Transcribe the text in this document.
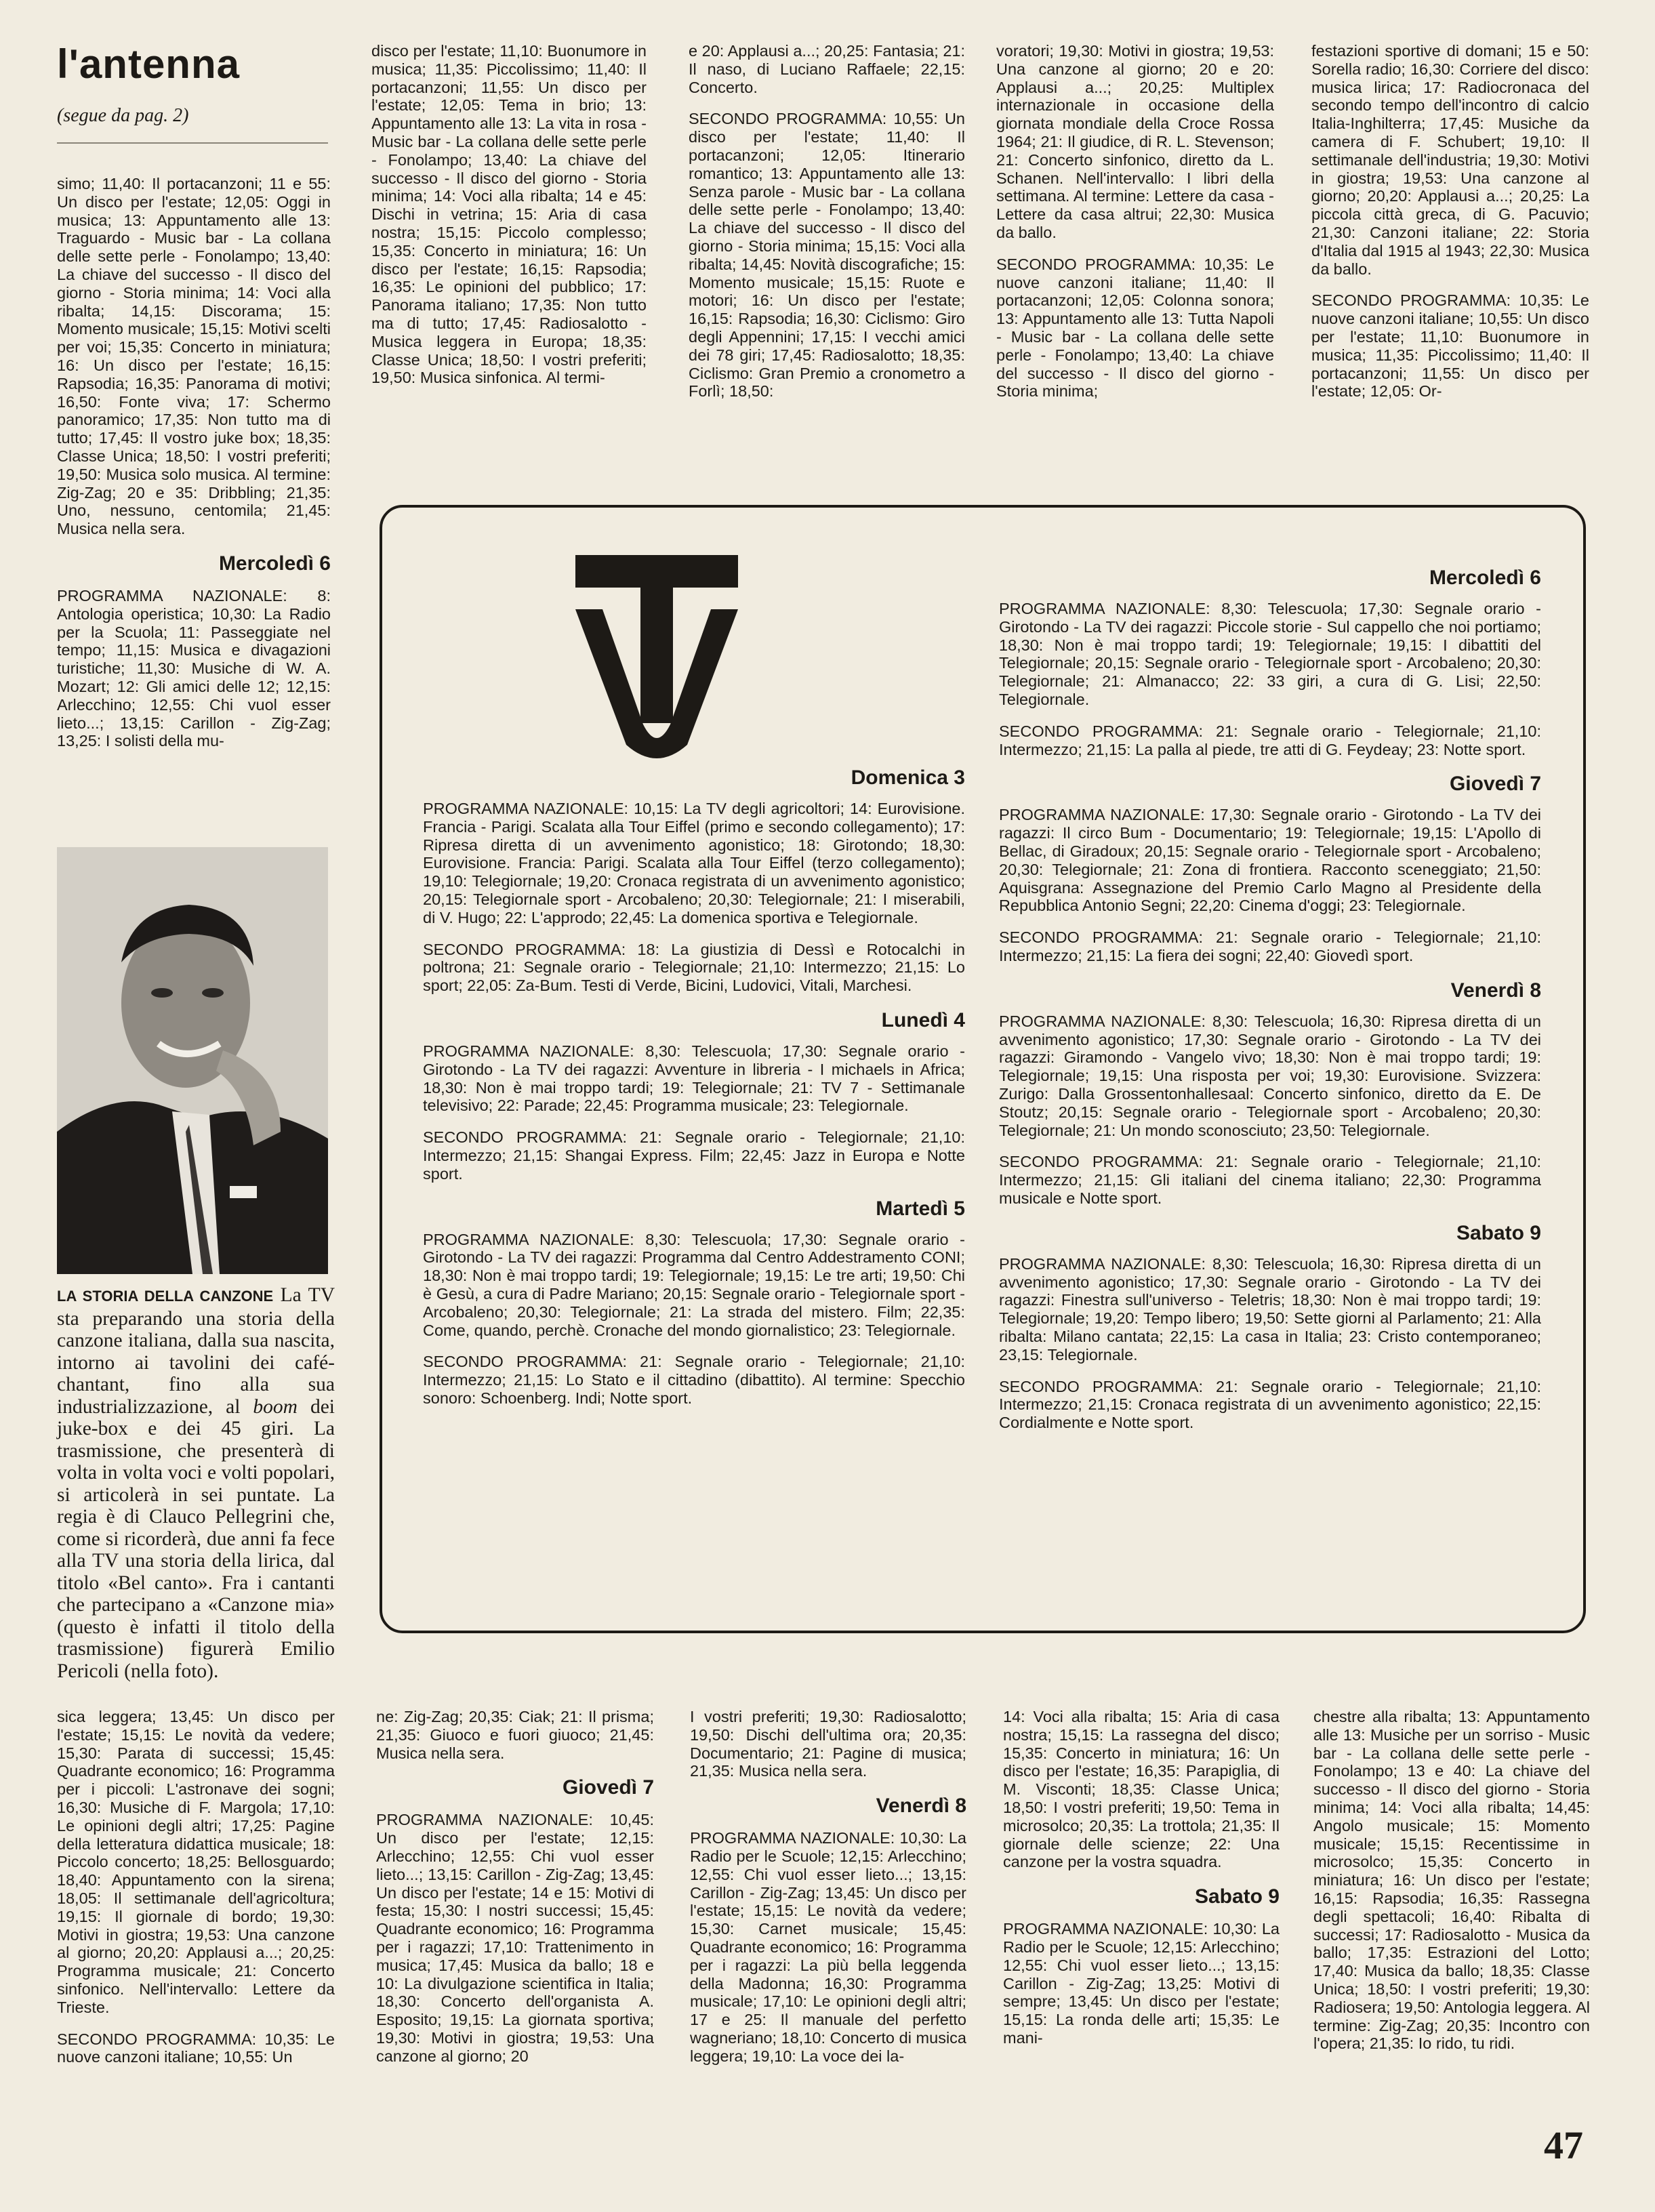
l'antenna
(segue da pag. 2)

simo; 11,40: Il portacanzoni; 11 e 55: Un disco per l'estate; 12,05: Oggi in musica; 13: Appuntamento alle 13: Traguardo - Music bar - La collana delle sette perle - Fonolampo; 13,40: La chiave del successo - Il disco del giorno - Storia minima; 14: Voci alla ribalta; 14,15: Discorama; 15: Momento musicale; 15,15: Motivi scelti per voi; 15,35: Concerto in miniatura; 16: Un disco per l'estate; 16,15: Rapsodia; 16,35: Panorama di motivi; 16,50: Fonte viva; 17: Schermo panoramico; 17,35: Non tutto ma di tutto; 17,45: Il vostro juke box; 18,35: Classe Unica; 18,50: I vostri preferiti; 19,50: Musica solo musica. Al termine: Zig-Zag; 20 e 35: Dribbling; 21,35: Uno, nessuno, centomila; 21,45: Musica nella sera.

Mercoledì 6

PROGRAMMA NAZIONALE: 8: Antologia operistica; 10,30: La Radio per la Scuola; 11: Passeggiate nel tempo; 11,15: Musica e divagazioni turistiche; 11,30: Musiche di W. A. Mozart; 12: Gli amici delle 12; 12,15: Arlecchino; 12,55: Chi vuol esser lieto...; 13,15: Carillon - Zig-Zag; 13,25: I solisti della mu-

LA STORIA DELLA CANZONE La TV sta preparando una storia della canzone italiana, dalla sua nascita, intorno ai tavolini dei café-chantant, fino alla sua industrializzazione, al boom dei juke-box e dei 45 giri. La trasmissione, che presenterà di volta in volta voci e volti popolari, si articolerà in sei puntate. La regia è di Clauco Pellegrini che, come si ricorderà, due anni fa fece alla TV una storia della lirica, dal titolo «Bel canto». Fra i cantanti che partecipano a «Canzone mia» (questo è infatti il titolo della trasmissione) figurerà Emilio Pericoli (nella foto).

disco per l'estate; 11,10: Buonumore in musica; 11,35: Piccolissimo; 11,40: Il portacanzoni; 11,55: Un disco per l'estate; 12,05: Tema in brio; 13: Appuntamento alle 13: La vita in rosa - Music bar - La collana delle sette perle - Fonolampo; 13,40: La chiave del successo - Il disco del giorno - Storia minima; 14: Voci alla ribalta; 14 e 45: Dischi in vetrina; 15: Aria di casa nostra; 15,15: Piccolo complesso; 15,35: Concerto in miniatura; 16: Un disco per l'estate; 16,15: Rapsodia; 16,35: Le opinioni del pubblico; 17: Panorama italiano; 17,35: Non tutto ma di tutto; 17,45: Radiosalotto - Musica leggera in Europa; 18,35: Classe Unica; 18,50: I vostri preferiti; 19,50: Musica sinfonica. Al termi-

e 20: Applausi a...; 20,25: Fantasia; 21: Il naso, di Luciano Raffaele; 22,15: Concerto.

SECONDO PROGRAMMA: 10,55: Un disco per l'estate; 11,40: Il portacanzoni; 12,05: Itinerario romantico; 13: Appuntamento alle 13: Senza parole - Music bar - La collana delle sette perle - Fonolampo; 13,40: La chiave del successo - Il disco del giorno - Storia minima; 15,15: Voci alla ribalta; 14,45: Novità discografiche; 15: Momento musicale; 15,15: Ruote e motori; 16: Un disco per l'estate; 16,15: Rapsodia; 16,30: Ciclismo: Giro degli Appennini; 17,15: I vecchi amici dei 78 giri; 17,45: Radiosalotto; 18,35: Ciclismo: Gran Premio a cronometro a Forlì; 18,50:

voratori; 19,30: Motivi in giostra; 19,53: Una canzone al giorno; 20 e 20: Applausi a...; 20,25: Multiplex internazionale in occasione della giornata mondiale della Croce Rossa 1964; 21: Il giudice, di R. L. Stevenson; 21: Concerto sinfonico, diretto da L. Schanen. Nell'intervallo: I libri della settimana. Al termine: Lettere da casa - Lettere da casa altrui; 22,30: Musica da ballo.

SECONDO PROGRAMMA: 10,35: Le nuove canzoni italiane; 11,40: Il portacanzoni; 12,05: Colonna sonora; 13: Appuntamento alle 13: Tutta Napoli - Music bar - La collana delle sette perle - Fonolampo; 13,40: La chiave del successo - Il disco del giorno - Storia minima;

festazioni sportive di domani; 15 e 50: Sorella radio; 16,30: Corriere del disco: musica lirica; 17: Radiocronaca del secondo tempo dell'incontro di calcio Italia-Inghilterra; 17,45: Musiche da camera di F. Schubert; 19,10: Il settimanale dell'industria; 19,30: Motivi in giostra; 19,53: Una canzone al giorno; 20,20: Applausi a...; 20,25: La piccola città greca, di G. Pacuvio; 21,30: Canzoni italiane; 22: Storia d'Italia dal 1915 al 1943; 22,30: Musica da ballo.

SECONDO PROGRAMMA: 10,35: Le nuove canzoni italiane; 10,55: Un disco per l'estate; 11,10: Buonumore in musica; 11,35: Piccolissimo; 11,40: Il portacanzoni; 11,55: Un disco per l'estate; 12,05: Or-

Domenica 3

PROGRAMMA NAZIONALE: 10,15: La TV degli agricoltori; 14: Eurovisione. Francia - Parigi. Scalata alla Tour Eiffel (primo e secondo collegamento); 17: Ripresa diretta di un avvenimento agonistico; 18: Girotondo; 18,30: Eurovisione. Francia: Parigi. Scalata alla Tour Eiffel (terzo collegamento); 19,10: Telegiornale; 19,20: Cronaca registrata di un avvenimento agonistico; 20,15: Telegiornale sport - Arcobaleno; 20,30: Telegiornale; 21: I miserabili, di V. Hugo; 22: L'approdo; 22,45: La domenica sportiva e Telegiornale.

SECONDO PROGRAMMA: 18: La giustizia di Dessì e Rotocalchi in poltrona; 21: Segnale orario - Telegiornale; 21,10: Intermezzo; 21,15: Lo sport; 22,05: Za-Bum. Testi di Verde, Bicini, Ludovici, Vitali, Marchesi.

Lunedì 4

PROGRAMMA NAZIONALE: 8,30: Telescuola; 17,30: Segnale orario - Girotondo - La TV dei ragazzi: Avventure in libreria - I michaels in Africa; 18,30: Non è mai troppo tardi; 19: Telegiornale; 21: TV 7 - Settimanale televisivo; 22: Parade; 22,45: Programma musicale; 23: Telegiornale.

SECONDO PROGRAMMA: 21: Segnale orario - Telegiornale; 21,10: Intermezzo; 21,15: Shangai Express. Film; 22,45: Jazz in Europa e Notte sport.

Martedì 5

PROGRAMMA NAZIONALE: 8,30: Telescuola; 17,30: Segnale orario - Girotondo - La TV dei ragazzi: Programma dal Centro Addestramento CONI; 18,30: Non è mai troppo tardi; 19: Telegiornale; 19,15: Le tre arti; 19,50: Chi è Gesù, a cura di Padre Mariano; 20,15: Segnale orario - Telegiornale sport - Arcobaleno; 20,30: Telegiornale; 21: La strada del mistero. Film; 22,35: Come, quando, perchè. Cronache del mondo giornalistico; 23: Telegiornale.

SECONDO PROGRAMMA: 21: Segnale orario - Telegiornale; 21,10: Intermezzo; 21,15: Lo Stato e il cittadino (dibattito). Al termine: Specchio sonoro: Schoenberg. Indi; Notte sport.

Mercoledì 6

PROGRAMMA NAZIONALE: 8,30: Telescuola; 17,30: Segnale orario - Girotondo - La TV dei ragazzi: Piccole storie - Sul cappello che noi portiamo; 18,30: Non è mai troppo tardi; 19: Telegiornale; 19,15: I dibattiti del Telegiornale; 20,15: Segnale orario - Telegiornale sport - Arcobaleno; 20,30: Telegiornale; 21: Almanacco; 22: 33 giri, a cura di G. Lisi; 22,50: Telegiornale.

SECONDO PROGRAMMA: 21: Segnale orario - Telegiornale; 21,10: Intermezzo; 21,15: La palla al piede, tre atti di G. Feydeay; 23: Notte sport.

Giovedì 7

PROGRAMMA NAZIONALE: 17,30: Segnale orario - Girotondo - La TV dei ragazzi: Il circo Bum - Documentario; 19: Telegiornale; 19,15: L'Apollo di Bellac, di Giradoux; 20,15: Segnale orario - Telegiornale sport - Arcobaleno; 20,30: Telegiornale; 21: Zona di frontiera. Racconto sceneggiato; 21,50: Aquisgrana: Assegnazione del Premio Carlo Magno al Presidente della Repubblica Antonio Segni; 22,20: Cinema d'oggi; 23: Telegiornale.

SECONDO PROGRAMMA: 21: Segnale orario - Telegiornale; 21,10: Intermezzo; 21,15: La fiera dei sogni; 22,40: Giovedì sport.

Venerdì 8

PROGRAMMA NAZIONALE: 8,30: Telescuola; 16,30: Ripresa diretta di un avvenimento agonistico; 17,30: Segnale orario - Girotondo - La TV dei ragazzi: Giramondo - Vangelo vivo; 18,30: Non è mai troppo tardi; 19: Telegiornale; 19,15: Una risposta per voi; 19,30: Eurovisione. Svizzera: Zurigo: Dalla Grossentonhallesaal: Concerto sinfonico, diretto da E. De Stoutz; 20,15: Segnale orario - Telegiornale sport - Arcobaleno; 20,30: Telegiornale; 21: Un mondo sconosciuto; 23,50: Telegiornale.

SECONDO PROGRAMMA: 21: Segnale orario - Telegiornale; 21,10: Intermezzo; 21,15: Gli italiani del cinema italiano; 22,30: Programma musicale e Notte sport.

Sabato 9

PROGRAMMA NAZIONALE: 8,30: Telescuola; 16,30: Ripresa diretta di un avvenimento agonistico; 17,30: Segnale orario - Girotondo - La TV dei ragazzi: Finestra sull'universo - Teletris; 18,30: Non è mai troppo tardi; 19: Telegiornale; 19,20: Tempo libero; 19,50: Sette giorni al Parlamento; 21: Alla ribalta: Milano cantata; 22,15: La casa in Italia; 23: Cristo contemporaneo; 23,15: Telegiornale.

SECONDO PROGRAMMA: 21: Segnale orario - Telegiornale; 21,10: Intermezzo; 21,15: Cronaca registrata di un avvenimento agonistico; 22,15: Cordialmente e Notte sport.

sica leggera; 13,45: Un disco per l'estate; 15,15: Le novità da vedere; 15,30: Parata di successi; 15,45: Quadrante economico; 16: Programma per i piccoli: L'astronave dei sogni; 16,30: Musiche di F. Margola; 17,10: Le opinioni degli altri; 17,25: Pagine della letteratura didattica musicale; 18: Piccolo concerto; 18,25: Bellosguardo; 18,40: Appuntamento con la sirena; 18,05: Il settimanale dell'agricoltura; 19,15: Il giornale di bordo; 19,30: Motivi in giostra; 19,53: Una canzone al giorno; 20,20: Applausi a...; 20,25: Programma musicale; 21: Concerto sinfonico. Nell'intervallo: Lettere da Trieste.

SECONDO PROGRAMMA: 10,35: Le nuove canzoni italiane; 10,55: Un

ne: Zig-Zag; 20,35: Ciak; 21: Il prisma; 21,35: Giuoco e fuori giuoco; 21,45: Musica nella sera.

Giovedì 7

PROGRAMMA NAZIONALE: 10,45: Un disco per l'estate; 12,15: Arlecchino; 12,55: Chi vuol esser lieto...; 13,15: Carillon - Zig-Zag; 13,45: Un disco per l'estate; 14 e 15: Motivi di festa; 15,30: I nostri successi; 15,45: Quadrante economico; 16: Programma per i ragazzi; 17,10: Trattenimento in musica; 17,45: Musica da ballo; 18 e 10: La divulgazione scientifica in Italia; 18,30: Concerto dell'organista A. Esposito; 19,15: La giornata sportiva; 19,30: Motivi in giostra; 19,53: Una canzone al giorno; 20

I vostri preferiti; 19,30: Radiosalotto; 19,50: Dischi dell'ultima ora; 20,35: Documentario; 21: Pagine di musica; 21,35: Musica nella sera.

Venerdì 8

PROGRAMMA NAZIONALE: 10,30: La Radio per le Scuole; 12,15: Arlecchino; 12,55: Chi vuol esser lieto...; 13,15: Carillon - Zig-Zag; 13,45: Un disco per l'estate; 15,15: Le novità da vedere; 15,30: Carnet musicale; 15,45: Quadrante economico; 16: Programma per i ragazzi: La più bella leggenda della Madonna; 16,30: Programma musicale; 17,10: Le opinioni degli altri; 17 e 25: Il manuale del perfetto wagneriano; 18,10: Concerto di musica leggera; 19,10: La voce dei la-

14: Voci alla ribalta; 15: Aria di casa nostra; 15,15: La rassegna del disco; 15,35: Concerto in miniatura; 16: Un disco per l'estate; 16,35: Parapiglia, di M. Visconti; 18,35: Classe Unica; 18,50: I vostri preferiti; 19,50: Tema in microsolco; 20,35: La trottola; 21,35: Il giornale delle scienze; 22: Una canzone per la vostra squadra.

Sabato 9

PROGRAMMA NAZIONALE: 10,30: La Radio per le Scuole; 12,15: Arlecchino; 12,55: Chi vuol esser lieto...; 13,15: Carillon - Zig-Zag; 13,25: Motivi di sempre; 13,45: Un disco per l'estate; 15,15: La ronda delle arti; 15,35: Le mani-

chestre alla ribalta; 13: Appuntamento alle 13: Musiche per un sorriso - Music bar - La collana delle sette perle - Fonolampo; 13 e 40: La chiave del successo - Il disco del giorno - Storia minima; 14: Voci alla ribalta; 14,45: Angolo musicale; 15: Momento musicale; 15,15: Recentissime in microsolco; 15,35: Concerto in miniatura; 16: Un disco per l'estate; 16,15: Rapsodia; 16,35: Rassegna degli spettacoli; 16,40: Ribalta di successi; 17: Radiosalotto - Musica da ballo; 17,35: Estrazioni del Lotto; 17,40: Musica da ballo; 18,35: Classe Unica; 18,50: I vostri preferiti; 19,30: Radiosera; 19,50: Antologia leggera. Al termine: Zig-Zag; 20,35: Incontro con l'opera; 21,35: Io rido, tu ridi.

47
